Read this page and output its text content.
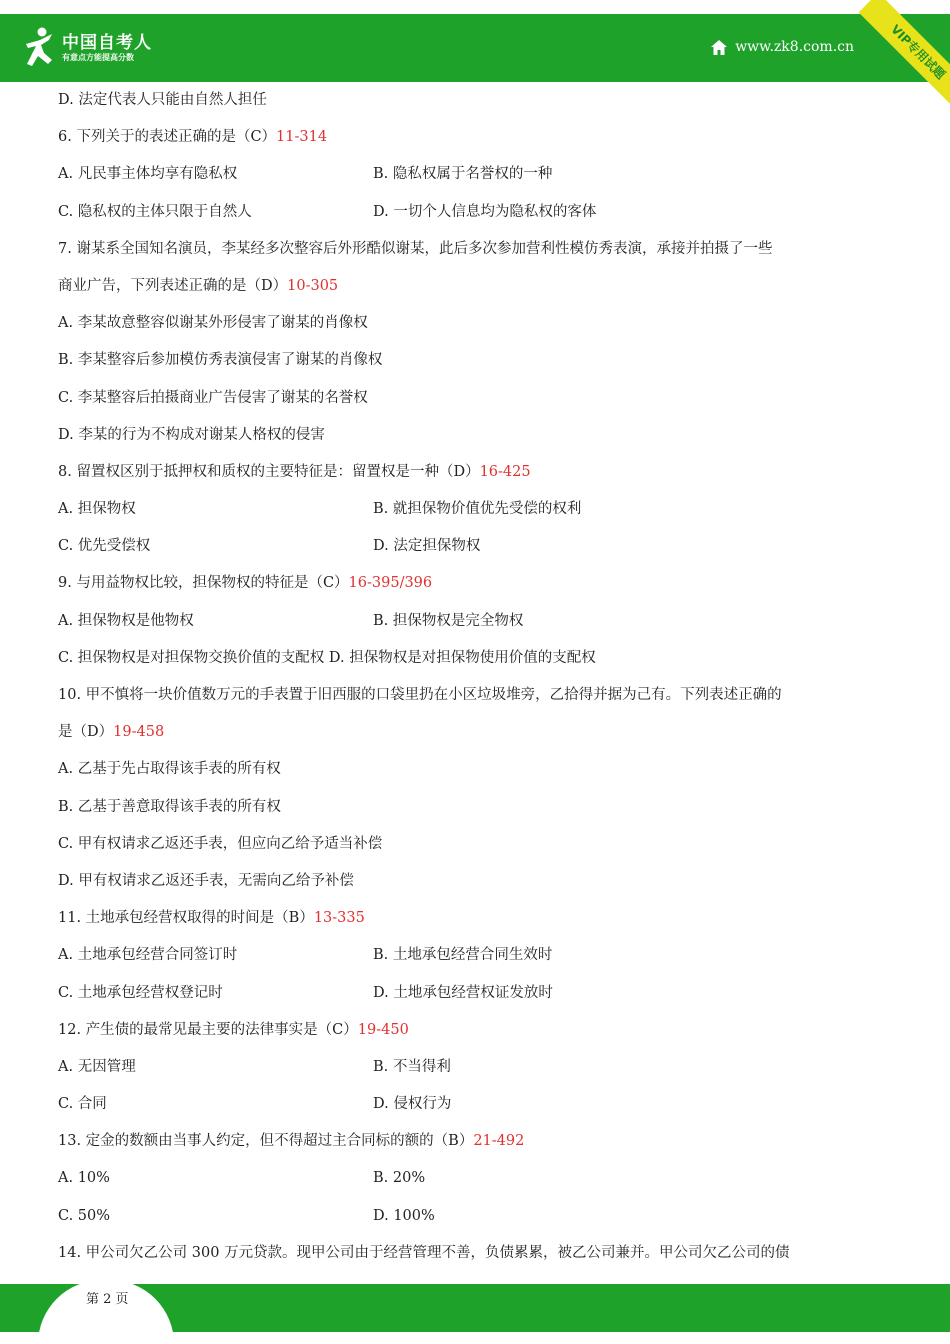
中国自考人
有意点方能提高分数
www.zk8.com.cn	VIP专用试题
D. 法定代表人只能由自然人担任
6. 下列关于的表述正确的是（C）11-314
A. 凡民事主体均享有隐私权	B. 隐私权属于名誉权的一种
C. 隐私权的主体只限于自然人	D. 一切个人信息均为隐私权的客体
7. 谢某系全国知名演员，李某经多次整容后外形酷似谢某，此后多次参加营利性模仿秀表演，承接并拍摄了一些
商业广告，下列表述正确的是（D）10-305
A. 李某故意整容似谢某外形侵害了谢某的肖像权
B. 李某整容后参加模仿秀表演侵害了谢某的肖像权
C. 李某整容后拍摄商业广告侵害了谢某的名誉权
D. 李某的行为不构成对谢某人格权的侵害
8. 留置权区别于抵押权和质权的主要特征是：留置权是一种（D）16-425
A. 担保物权	B. 就担保物价值优先受偿的权利
C. 优先受偿权	D. 法定担保物权
9. 与用益物权比较，担保物权的特征是（C）16-395/396
A. 担保物权是他物权	B. 担保物权是完全物权
C. 担保物权是对担保物交换价值的支配权 D. 担保物权是对担保物使用价值的支配权
10. 甲不慎将一块价值数万元的手表置于旧西服的口袋里扔在小区垃圾堆旁，乙拾得并据为己有。下列表述正确的
是（D）19-458
A. 乙基于先占取得该手表的所有权
B. 乙基于善意取得该手表的所有权
C. 甲有权请求乙返还手表，但应向乙给予适当补偿
D. 甲有权请求乙返还手表，无需向乙给予补偿
11. 土地承包经营权取得的时间是（B）13-335
A. 土地承包经营合同签订时	B. 土地承包经营合同生效时
C. 土地承包经营权登记时	D. 土地承包经营权证发放时
12. 产生债的最常见最主要的法律事实是（C）19-450
A. 无因管理	B. 不当得利
C. 合同	D. 侵权行为
13. 定金的数额由当事人约定，但不得超过主合同标的额的（B）21-492
A. 10%	B. 20%
C. 50%	D. 100%
14. 甲公司欠乙公司 300 万元贷款。现甲公司由于经营管理不善，负债累累，被乙公司兼并。甲公司欠乙公司的债
第 2 页
